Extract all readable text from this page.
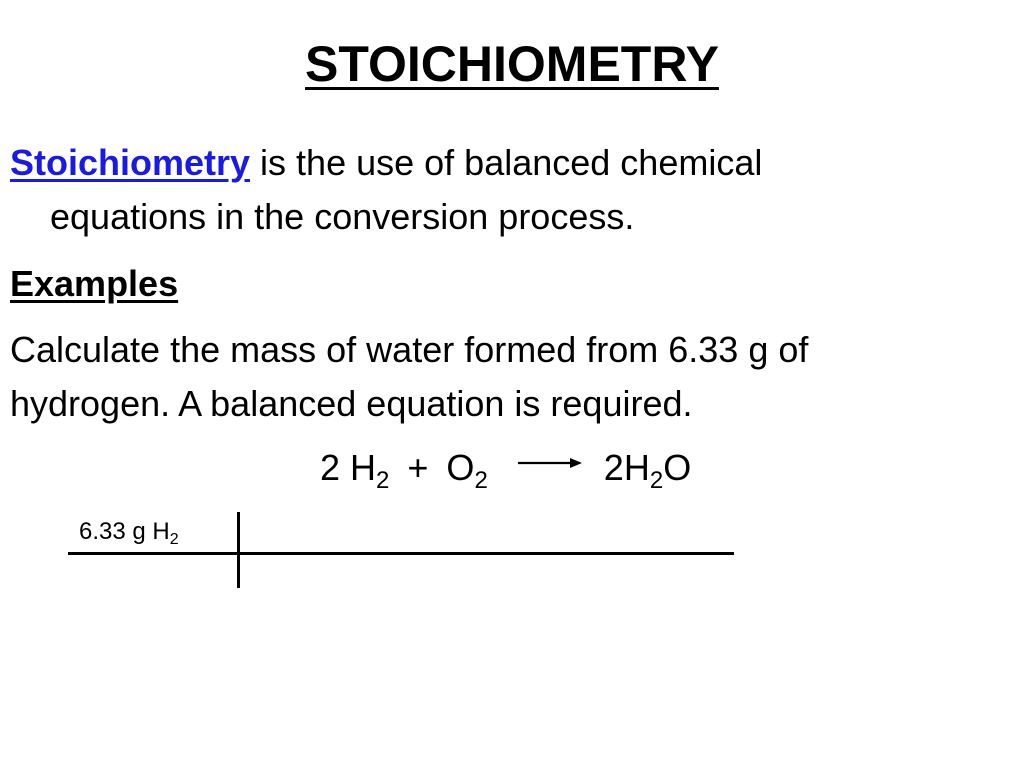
STOICHIOMETRY
Stoichiometry is the use of balanced chemical
equations in the conversion process.
Examples
Calculate the mass of water formed from 6.33 g of
hydrogen. A balanced equation is required.
2 $H_2 + O_2 \to 2H_2O$
6.33 g $H_2$
